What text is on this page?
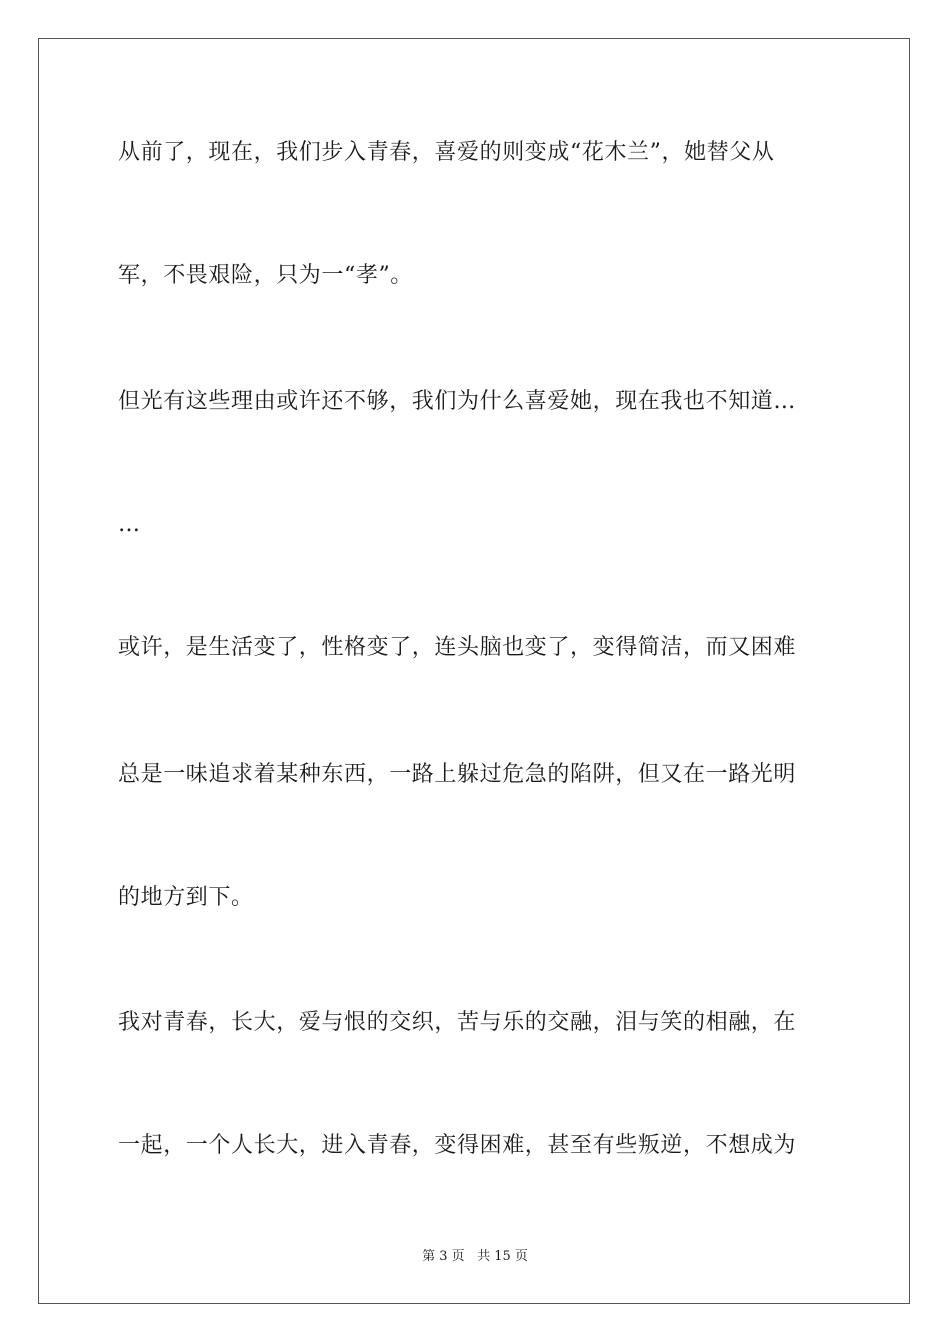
从前了，现在，我们步入青春，喜爱的则变成“花木兰”，她替父从
军，不畏艰险，只为一“孝”。
但光有这些理由或许还不够，我们为什么喜爱她，现在我也不知道…
…
或许，是生活变了，性格变了，连头脑也变了，变得简洁，而又困难
总是一味追求着某种东西，一路上躲过危急的陷阱，但又在一路光明
的地方到下。
我对青春，长大，爱与恨的交织，苦与乐的交融，泪与笑的相融，在
一起，一个人长大，进入青春，变得困难，甚至有些叛逆，不想成为
第 3 页 共 15 页
